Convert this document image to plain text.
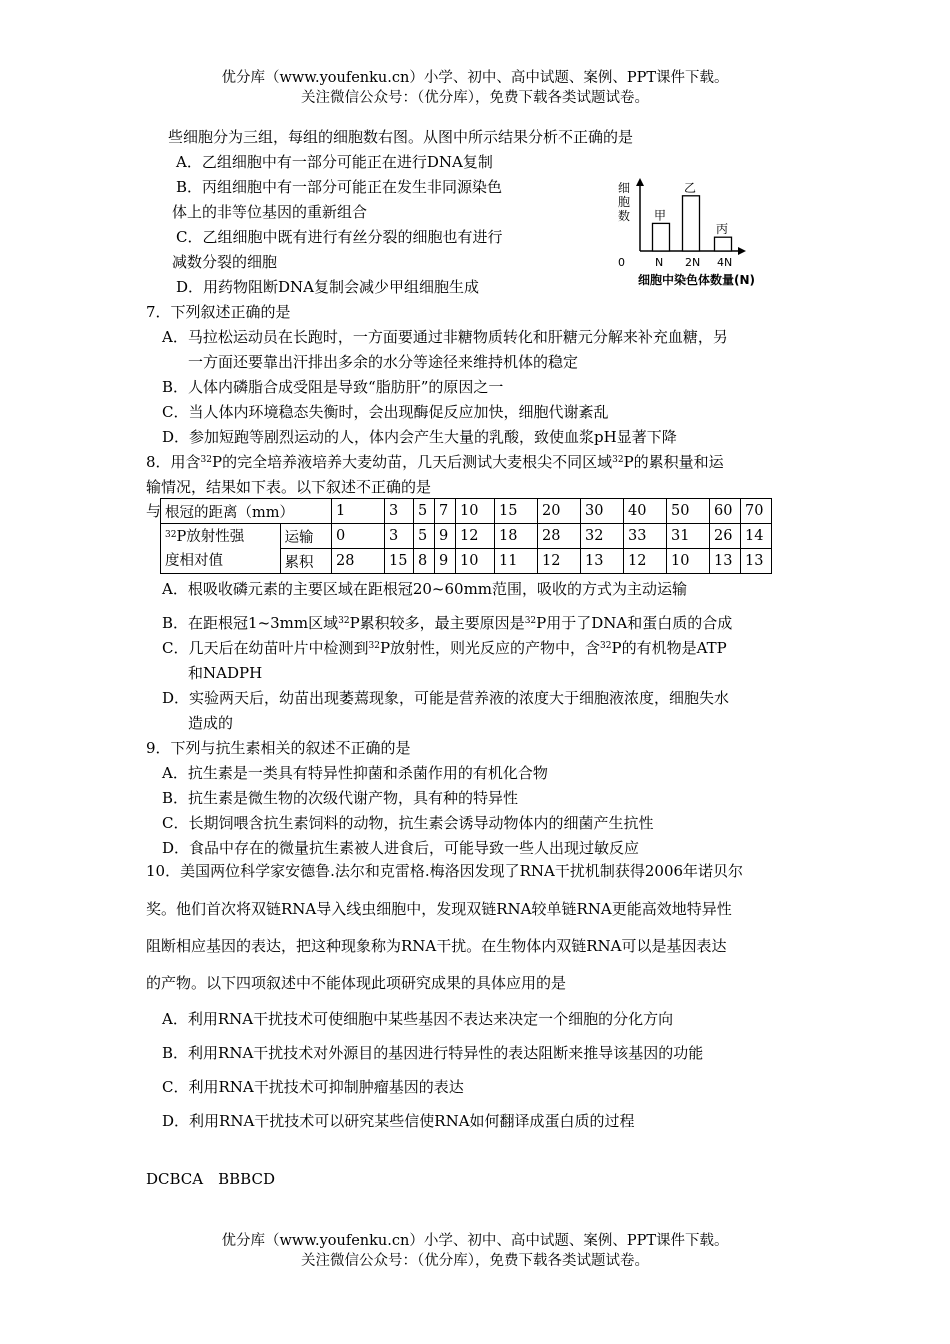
优分库（www.youfenku.cn）小学、初中、高中试题、案例、PPT课件下载。
关注微信公众号：（优分库），免费下载各类试题试卷。
些细胞分为三组，每组的细胞数右图。从图中所示结果分析不正确的是
A．乙组细胞中有一部分可能正在进行DNA复制
B．丙组细胞中有一部分可能正在发生非同源染色
体上的非等位基因的重新组合
C．乙组细胞中既有进行有丝分裂的细胞也有进行
减数分裂的细胞
D．用药物阻断DNA复制会减少甲组细胞生成
细
胞
数 甲
N
乙
2N
丙
4N
0
细胞中染色体数量(N)
7．下列叙述正确的是
A．马拉松运动员在长跑时，一方面要通过非糖物质转化和肝糖元分解来补充血糖，另
一方面还要靠出汗排出多余的水分等途径来维持机体的稳定
B．人体内磷脂合成受阻是导致“脂肪肝”的原因之一
C．当人体内环境稳态失衡时，会出现酶促反应加快，细胞代谢紊乱
D．参加短跑等剧烈运动的人，体内会产生大量的乳酸，致使血浆pH显著下降
8．用含$^{32}$P的完全培养液培养大麦幼苗，几天后测试大麦根尖不同区域$^{32}$P的累积量和运
输情况，结果如下表。以下叙述不正确的是
与 根冠的距离（mm）		1	3	5	7	10	15	20	30	40	50	60	70
$^{32}$P放射性强
度相对值	运输	0	3	5	9	12	18	28	32	33	31	26	14
	累积	28	15	8	9	10	11	12	13	12	10	13	13
A．根吸收磷元素的主要区域在距根冠20~60mm范围，吸收的方式为主动运输
B．在距根冠1~3mm区域$^{32}$P累积较多，最主要原因是$^{32}$P用于了DNA和蛋白质的合成
C．几天后在幼苗叶片中检测到$^{32}$P放射性，则光反应的产物中，含$^{32}$P的有机物是ATP
和NADPH
D．实验两天后，幼苗出现萎蔫现象，可能是营养液的浓度大于细胞液浓度，细胞失水
造成的
9．下列与抗生素相关的叙述不正确的是
A．抗生素是一类具有特异性抑菌和杀菌作用的有机化合物
B．抗生素是微生物的次级代谢产物，具有种的特异性
C．长期饲喂含抗生素饲料的动物，抗生素会诱导动物体内的细菌产生抗性
D．食品中存在的微量抗生素被人进食后，可能导致一些人出现过敏反应
10．美国两位科学家安德鲁.法尔和克雷格.梅洛因发现了RNA干扰机制获得2006年诺贝尔
奖。他们首次将双链RNA导入线虫细胞中，发现双链RNA较单链RNA更能高效地特异性
阻断相应基因的表达，把这种现象称为RNA干扰。在生物体内双链RNA可以是基因表达
的产物。以下四项叙述中不能体现此项研究成果的具体应用的是
A．利用RNA干扰技术可使细胞中某些基因不表达来决定一个细胞的分化方向
B．利用RNA干扰技术对外源目的基因进行特异性的表达阻断来推导该基因的功能
C．利用RNA干扰技术可抑制肿瘤基因的表达
D．利用RNA干扰技术可以研究某些信使RNA如何翻译成蛋白质的过程
DCBCA　BBBCD
优分库（www.youfenku.cn）小学、初中、高中试题、案例、PPT课件下载。
关注微信公众号：（优分库），免费下载各类试题试卷。
